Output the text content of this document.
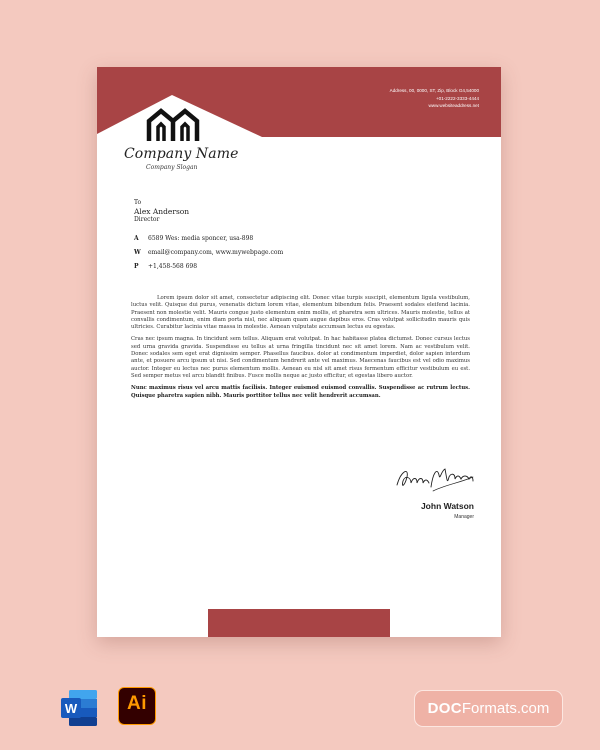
Address, 00, 0000, ST, Zip, Block G4,54000
+01-2222-3333-4444
www.websiteaddress.net
Company Name
Company Slogan
To
Alex Anderson
Director
A 6589 Wes: media sponcer, usa-898
W email@company.com, www.mywebpage.com
P +1,458-568 698

Lorem ipsum dolor sit amet, consectetur adipiscing elit. Donec vitae turpis suscipit, elementum ligula vestibulum, luctus velit. Quisque dui purus, venenatis dictum lorem vitae, elementum bibendum felis. Praesent sodales eleifend lacinia. Praesent non molestie velit. Mauris congue justo elementum enim mollis, et pharetra sem ultrices. Mauris molestie, tellus at convallis condimentum, enim diam porta nisl, nec aliquam quam augue dapibus eros. Cras volutpat sollicitudin mauris quis ultricies. Curabitur lacinia vitae massa in molestie. Aenean vulputate accumsan lectus eu egestas.

Cras nec ipsum magna. In tincidunt sem tellus. Aliquam erat volutpat. In hac habitasse platea dictumst. Donec cursus lectus sed urna gravida gravida. Suspendisse eu tellus at urna fringilla tincidunt nec sit amet lorem. Nam ac vestibulum velit. Donec sodales sem eget erat dignissim semper. Phasellus faucibus. dolor at condimentum imperdiet, dolor sapien interdum ante, et posuere arcu ipsum ut nisi. Sed condimentum hendrerit ante vel maximus. Maecenas faucibus est vel odio maximus auctor. Integer eu lectus nec purus elementum mollis. Aenean eu nisl sit amet risus fermentum efficitur vestibulum eu est. Sed semper metus vel arcu blandit finibus. Fusce mollis neque ac justo efficitur, et egestas libero auctor.

Nunc maximus risus vel arcu mattis facilisis. Integer euismod euismod convallis. Suspendisse ac rutrum lectus. Quisque pharetra sapien nibh. Mauris porttitor tellus nec velit hendrerit accumsan.

John Watson
Manager
W	Ai	DOCFormats.com
